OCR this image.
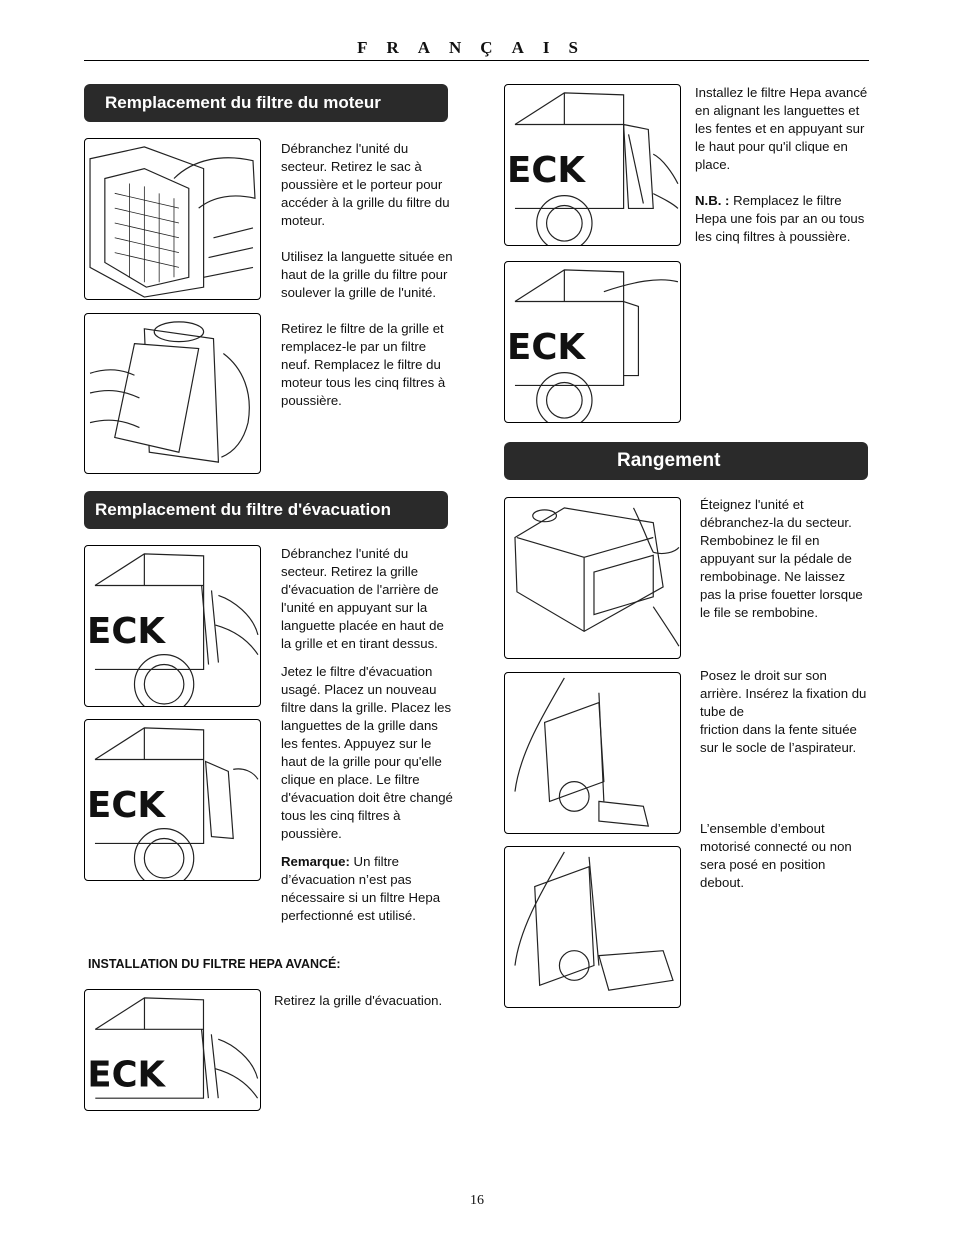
FRANÇAIS
Remplacement du filtre du moteur

Débranchez l'unité du secteur. Retirez le sac à poussière et le porteur pour accéder à la grille du filtre du moteur.

Utilisez la languette située en haut de la grille du filtre pour soulever la grille de l'unité.

Retirez le filtre de la grille et remplacez-le par un filtre neuf. Remplacez le filtre du moteur tous les cinq filtres à poussière.

Remplacement du filtre d'évacuation
ECK
ECK

Débranchez l'unité du secteur. Retirez la grille d'évacuation de l'arrière de l'unité en appuyant sur la languette placée en haut de la grille et en tirant dessus.

Jetez le filtre d'évacuation usagé. Placez un nouveau filtre dans la grille. Placez les languettes de la grille dans les fentes. Appuyez sur le haut de la grille pour qu'elle clique en place. Le filtre d'évacuation doit être changé tous les cinq filtres à poussière.

Remarque: Un filtre d’évacuation n’est pas nécessaire si un filtre Hepa perfectionné est utilisé.

INSTALLATION DU FILTRE HEPA AVANCÉ:
ECK
Retirez la grille d'évacuation.
ECK
ECK

Installez le filtre Hepa avancé en alignant les languettes et les fentes et en appuyant sur le haut pour qu'il clique en place.

N.B. : Remplacez le filtre Hepa une fois par an ou tous les cinq filtres à poussière.

Rangement

Éteignez l'unité et débranchez-la du secteur. Rembobinez le fil en appuyant sur la pédale de rembobinage. Ne laissez pas la prise fouetter lorsque le file se rembobine.

Posez le droit sur son arrière. Insérez la fixation du tube de

friction dans la fente située sur le socle de l’aspirateur.

L’ensemble d’embout motorisé connecté ou non sera posé en position debout.

16
